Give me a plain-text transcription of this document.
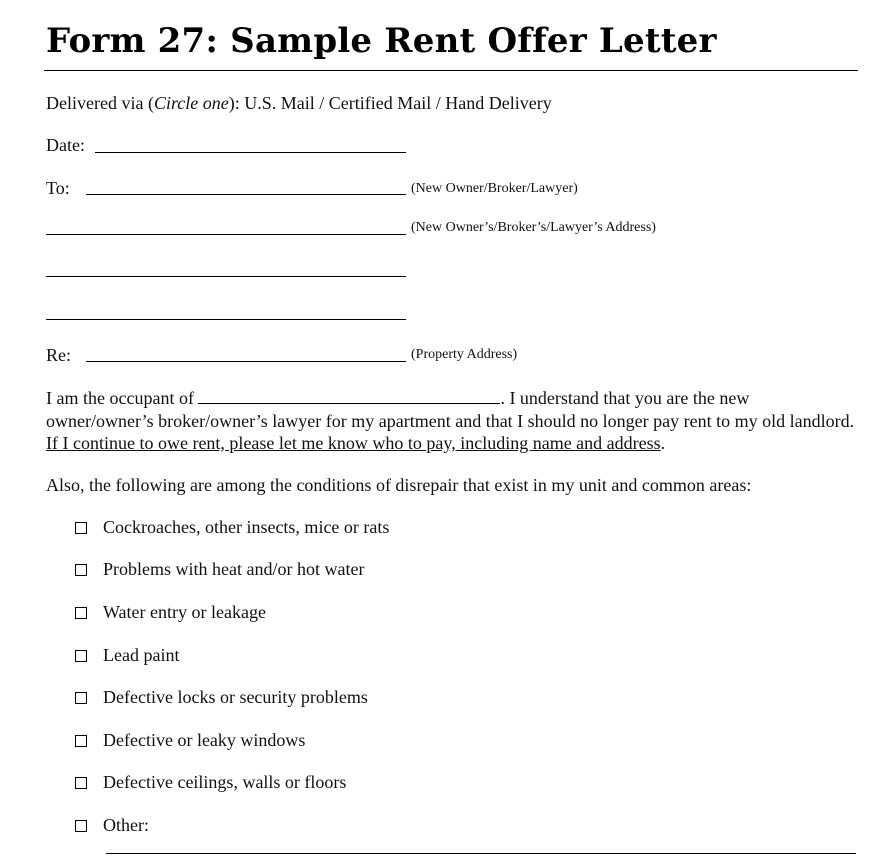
Form 27: Sample Rent Offer Letter
Delivered via (Circle one): U.S. Mail / Certified Mail / Hand Delivery
Date:
To:	(New Owner/Broker/Lawyer)
(New Owner’s/Broker’s/Lawyer’s Address)
Re:	(Property Address)
I am the occupant of	. I understand that you are the new owner/owner’s broker/owner’s lawyer for my apartment and that I should no longer pay rent to my old landlord. If I continue to owe rent, please let me know who to pay, including name and address.
Also, the following are among the conditions of disrepair that exist in my unit and common areas:
Cockroaches, other insects, mice or rats
Problems with heat and/or hot water
Water entry or leakage
Lead paint
Defective locks or security problems
Defective or leaky windows
Defective ceilings, walls or floors
Other:
